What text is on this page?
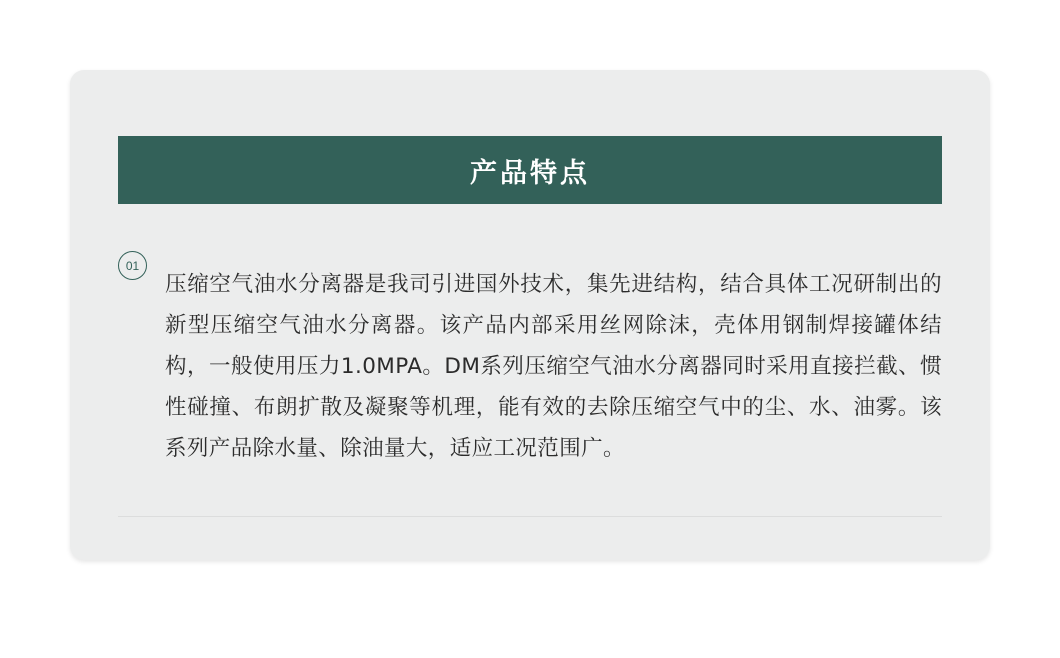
产品特点
01

压缩空气油水分离器是我司引进国外技术，集先进结构，结合具体工况研制出的新型压缩空气油水分离器。该产品内部采用丝网除沫，壳体用钢制焊接罐体结构，一般使用压力1.0MPA。DM系列压缩空气油水分离器同时采用直接拦截、惯性碰撞、布朗扩散及凝聚等机理，能有效的去除压缩空气中的尘、水、油雾。该系列产品除水量、除油量大，适应工况范围广。
